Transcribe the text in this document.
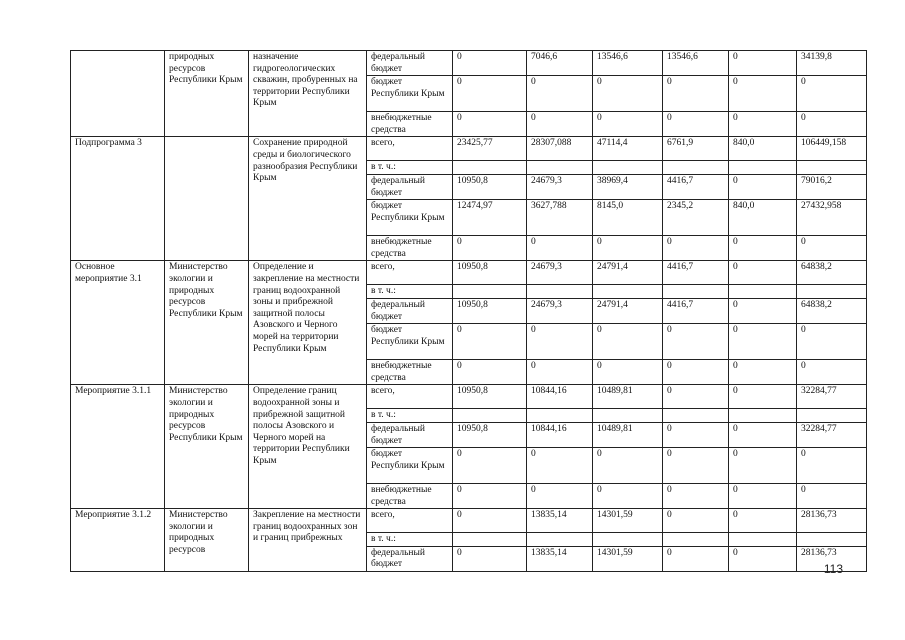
	природных ресурсов Республики Крым	назначение гидрогеологических скважин, пробуренных на территории Республики Крым	федеральный бюджет	0	7046,6	13546,6	13546,6	0	34139,8
			бюджет Республики Крым	0	0	0	0	0	0
			внебюджетные средства	0	0	0	0	0	0
Подпрограмма 3		Сохранение природной среды и биологического разнообразия Республики Крым	всего,	23425,77	28307,088	47114,4	6761,9	840,0	106449,158
			в т. ч.:						
			федеральный бюджет	10950,8	24679,3	38969,4	4416,7	0	79016,2
			бюджет Республики Крым	12474,97	3627,788	8145,0	2345,2	840,0	27432,958
			внебюджетные средства	0	0	0	0	0	0
Основное мероприятие 3.1	Министерство экологии и природных ресурсов Республики Крым	Определение и закрепление на местности границ водоохранной зоны и прибрежной защитной полосы Азовского и Черного морей на территории Республики Крым	всего,	10950,8	24679,3	24791,4	4416,7	0	64838,2
			в т. ч.:						
			федеральный бюджет	10950,8	24679,3	24791,4	4416,7	0	64838,2
			бюджет Республики Крым	0	0	0	0	0	0
			внебюджетные средства	0	0	0	0	0	0
Мероприятие 3.1.1	Министерство экологии и природных ресурсов Республики Крым	Определение границ водоохранной зоны и прибрежной защитной полосы Азовского и Черного морей на территории Республики Крым	всего,	10950,8	10844,16	10489,81	0	0	32284,77
			в т. ч.:						
			федеральный бюджет	10950,8	10844,16	10489,81	0	0	32284,77
			бюджет Республики Крым	0	0	0	0	0	0
			внебюджетные средства	0	0	0	0	0	0
Мероприятие 3.1.2	Министерство экологии и природных ресурсов	Закрепление на местности границ водоохранных зон и границ прибрежных	всего,	0	13835,14	14301,59	0	0	28136,73
			в т. ч.:						
			федеральный бюджет	0	13835,14	14301,59	0	0	28136,73
113
